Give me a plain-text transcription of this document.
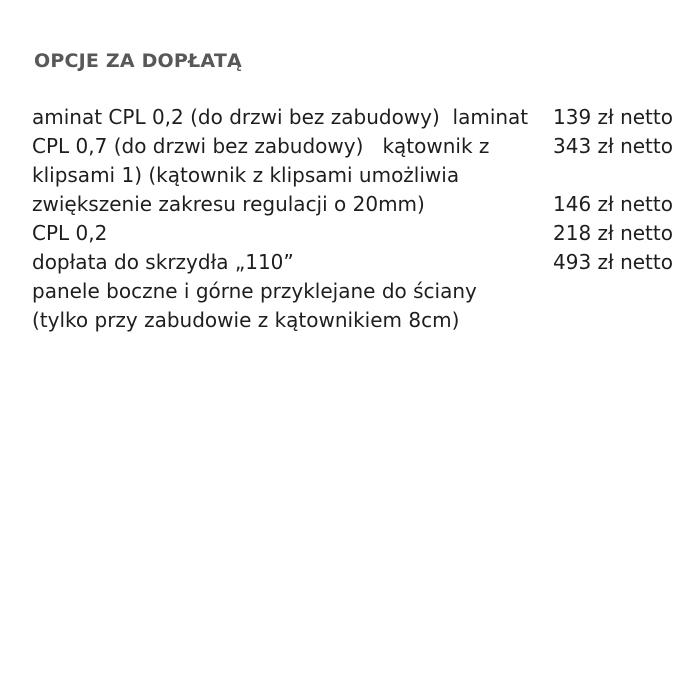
OPCJE ZA DOPŁATĄ
aminat CPL 0,2 (do drzwi bez zabudowy)  laminat	139 zł netto
CPL 0,7 (do drzwi bez zabudowy)   kątownik z	343 zł netto
klipsami 1) (kątownik z klipsami umożliwia
zwiększenie zakresu regulacji o 20mm)	146 zł netto
CPL 0,2	218 zł netto
dopłata do skrzydła „110”	493 zł netto
panele boczne i górne przyklejane do ściany
(tylko przy zabudowie z kątownikiem 8cm)
